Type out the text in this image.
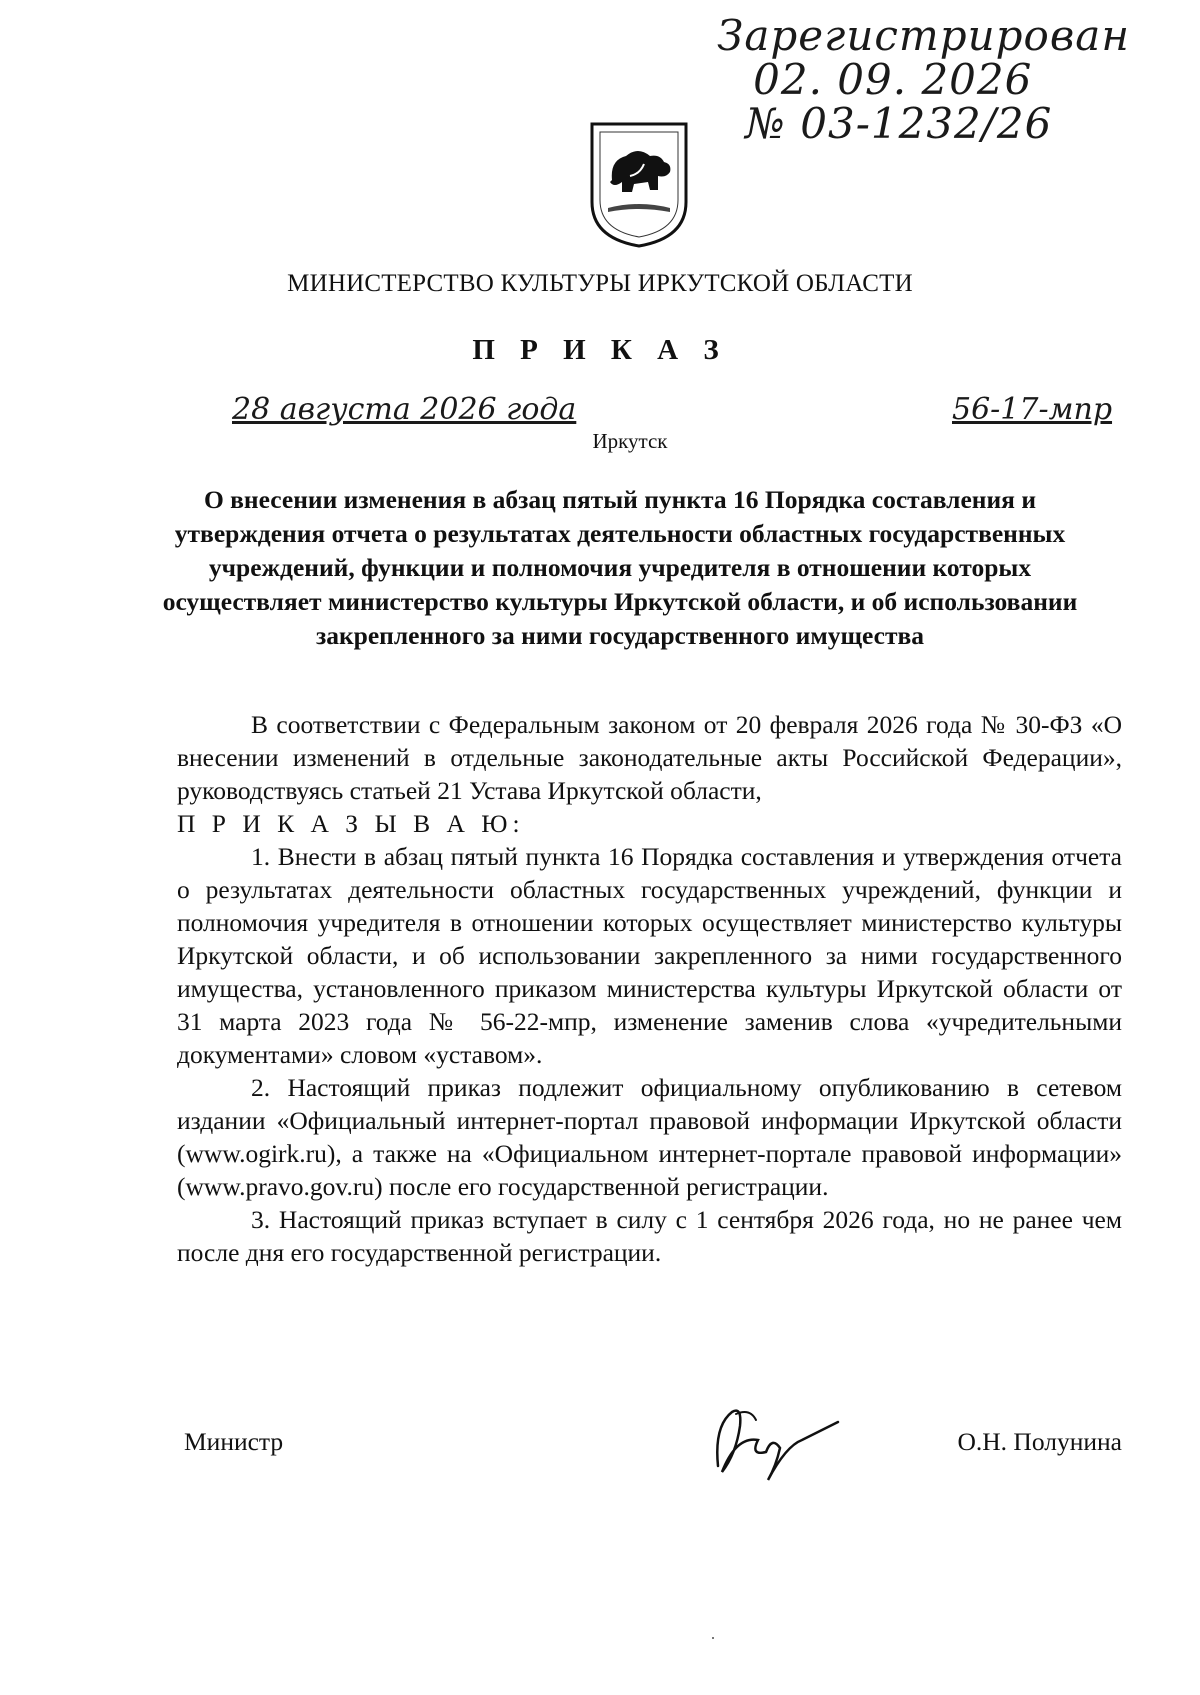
Зарегистрирован
02. 09. 2026
№ 03-1232/26
МИНИСТЕРСТВО КУЛЬТУРЫ ИРКУТСКОЙ ОБЛАСТИ
П Р И К А З
28 августа 2026 года	56-17-мпр
Иркутск
О внесении изменения в абзац пятый пункта 16 Порядка составления и утверждения отчета о результатах деятельности областных государственных учреждений, функции и полномочия учредителя в отношении которых осуществляет министерство культуры Иркутской области, и об использовании закрепленного за ними государственного имущества

В соответствии с Федеральным законом от 20 февраля 2026 года № 30-ФЗ «О внесении изменений в отдельные законодательные акты Российской Федерации», руководствуясь статьей 21 Устава Иркутской области,

П Р И К А З Ы В А Ю:

1. Внести в абзац пятый пункта 16 Порядка составления и утверждения отчета о результатах деятельности областных государственных учреждений, функции и полномочия учредителя в отношении которых осуществляет министерство культуры Иркутской области, и об использовании закрепленного за ними государственного имущества, установленного приказом министерства культуры Иркутской области от 31 марта 2023 года № 56-22-мпр, изменение заменив слова «учредительными документами» словом «уставом».

2. Настоящий приказ подлежит официальному опубликованию в сетевом издании «Официальный интернет-портал правовой информации Иркутской области (www.ogirk.ru), а также на «Официальном интернет-портале правовой информации» (www.pravo.gov.ru) после его государственной регистрации.

3. Настоящий приказ вступает в силу с 1 сентября 2026 года, но не ранее чем после дня его государственной регистрации.

Министр	О.Н. Полунина
